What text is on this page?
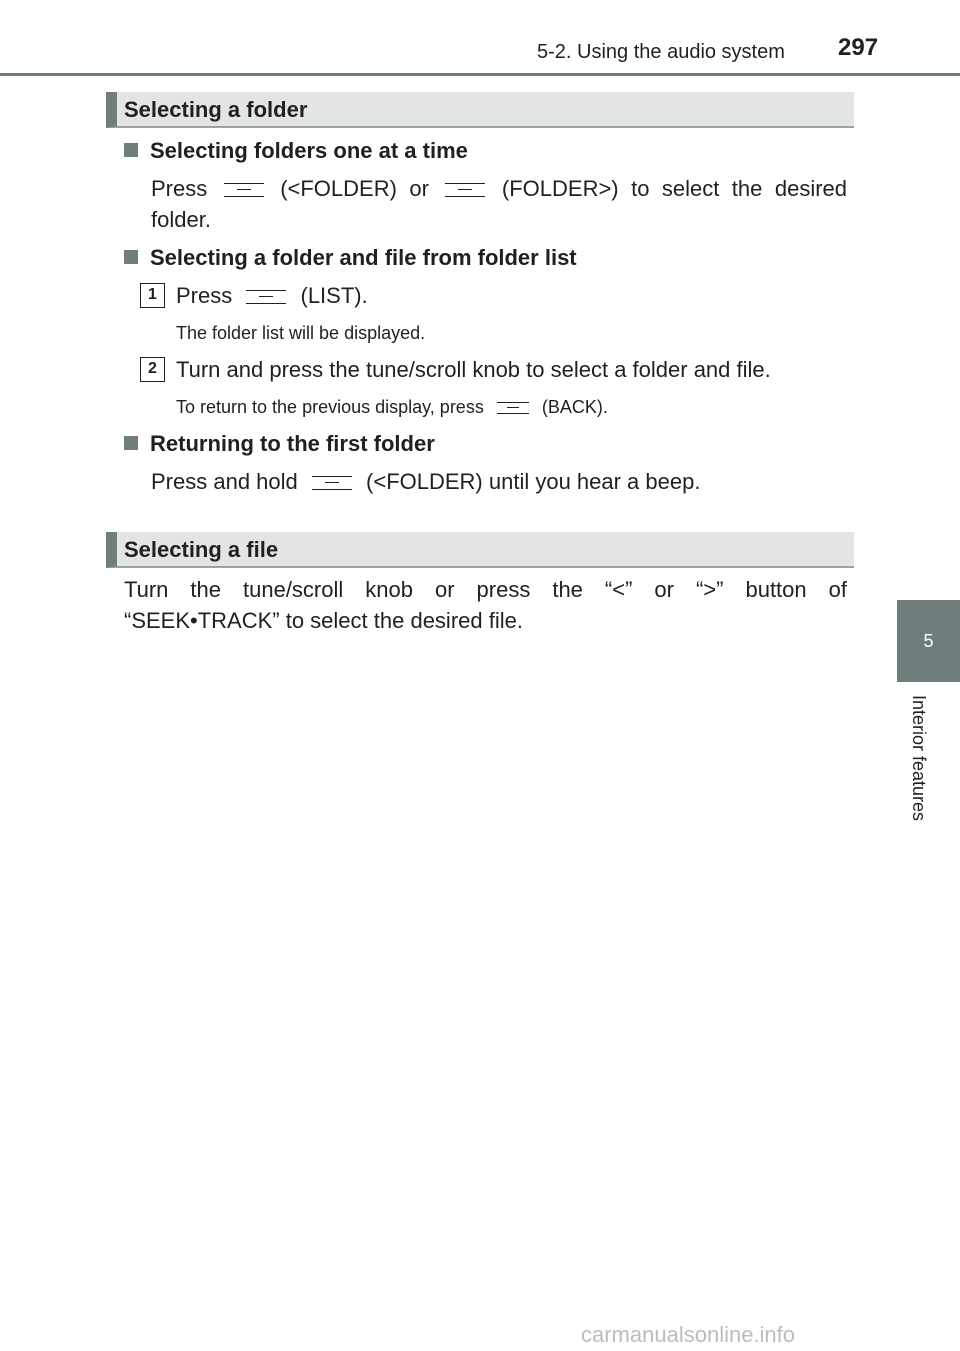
5-2. Using the audio system 297
5
Interior features
Selecting a folder
Selecting folders one at a time
Press	(<FOLDER) or	(FOLDER>) to select the desired
folder.
Selecting a folder and file from folder list
1 Press	(LIST).
The folder list will be displayed.
2 Turn and press the tune/scroll knob to select a folder and file.
To return to the previous display, press	(BACK).
Returning to the first folder
Press and hold	(<FOLDER) until you hear a beep.
Selecting a file
Turn the tune/scroll knob or press the “<” or “>” button of
“SEEK•TRACK” to select the desired file.
carmanualsonline.info
